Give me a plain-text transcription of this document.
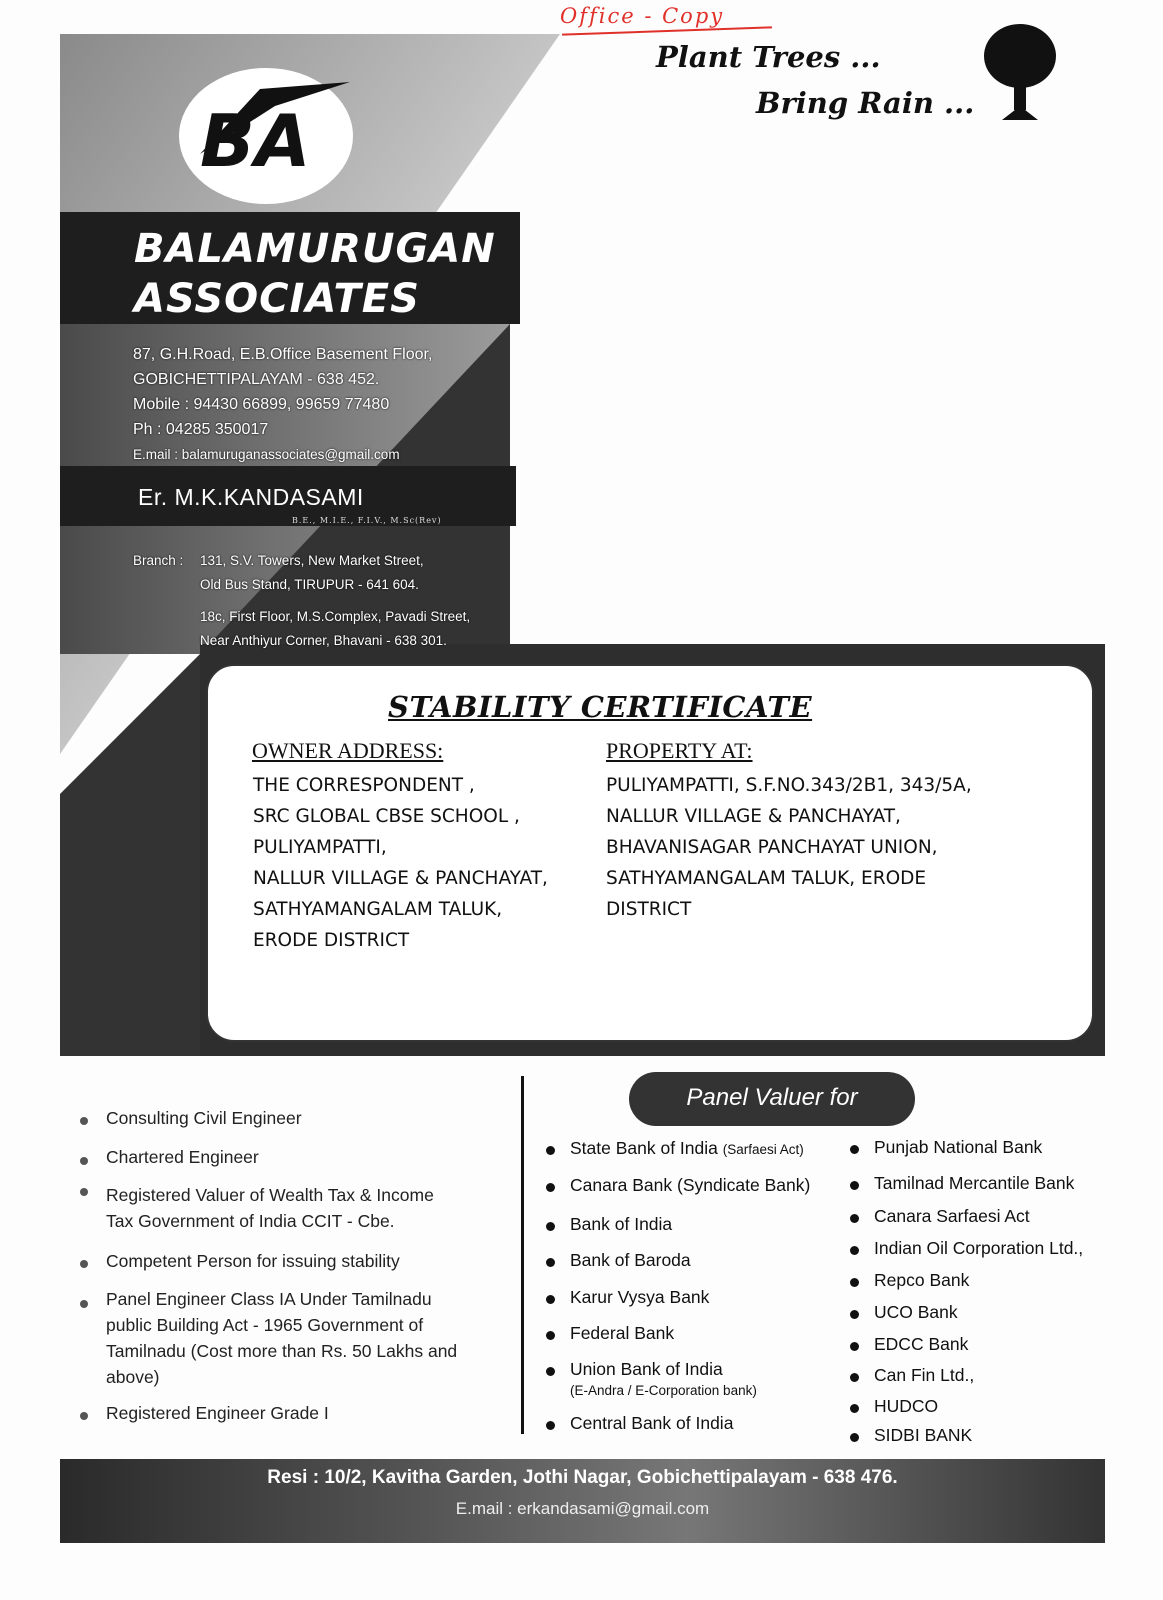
BA
Office - Copy
Plant Trees ...
Bring Rain ...
BALAMURUGAN
ASSOCIATES
87, G.H.Road, E.B.Office Basement Floor,
GOBICHETTIPALAYAM - 638 452.
Mobile : 94430 66899, 99659 77480
Ph : 04285 350017
E.mail : balamuruganassociates@gmail.com
Er. M.K.KANDASAMI
B.E., M.I.E., F.I.V., M.Sc(Rev)
Branch : 131, S.V. Towers, New Market Street,
Old Bus Stand, TIRUPUR - 641 604.
18c, First Floor, M.S.Complex, Pavadi Street,
Near Anthiyur Corner, Bhavani - 638 301.
STABILITY CERTIFICATE
OWNER ADDRESS:	PROPERTY AT:
THE CORRESPONDENT ,
SRC GLOBAL CBSE SCHOOL ,
PULIYAMPATTI,
NALLUR VILLAGE & PANCHAYAT,
SATHYAMANGALAM TALUK,
ERODE DISTRICT
PULIYAMPATTI, S.F.NO.343/2B1, 343/5A,
NALLUR VILLAGE & PANCHAYAT,
BHAVANISAGAR PANCHAYAT UNION,
SATHYAMANGALAM TALUK, ERODE
DISTRICT
Consulting Civil Engineer
Chartered Engineer
Registered Valuer of Wealth Tax & Income
Tax Government of India CCIT - Cbe.
Competent Person for issuing stability
Panel Engineer Class IA Under Tamilnadu
public Building Act - 1965 Government of
Tamilnadu (Cost more than Rs. 50 Lakhs and
above)
Registered Engineer Grade I
Panel Valuer for
State Bank of India (Sarfaesi Act)
Canara Bank (Syndicate Bank)
Bank of India
Bank of Baroda
Karur Vysya Bank
Federal Bank
Union Bank of India
(E-Andra / E-Corporation bank)
Central Bank of India
Punjab National Bank
Tamilnad Mercantile Bank
Canara Sarfaesi Act
Indian Oil Corporation Ltd.,
Repco Bank
UCO Bank
EDCC Bank
Can Fin Ltd.,
HUDCO
SIDBI BANK
Resi : 10/2, Kavitha Garden, Jothi Nagar, Gobichettipalayam - 638 476.
E.mail : erkandasami@gmail.com
